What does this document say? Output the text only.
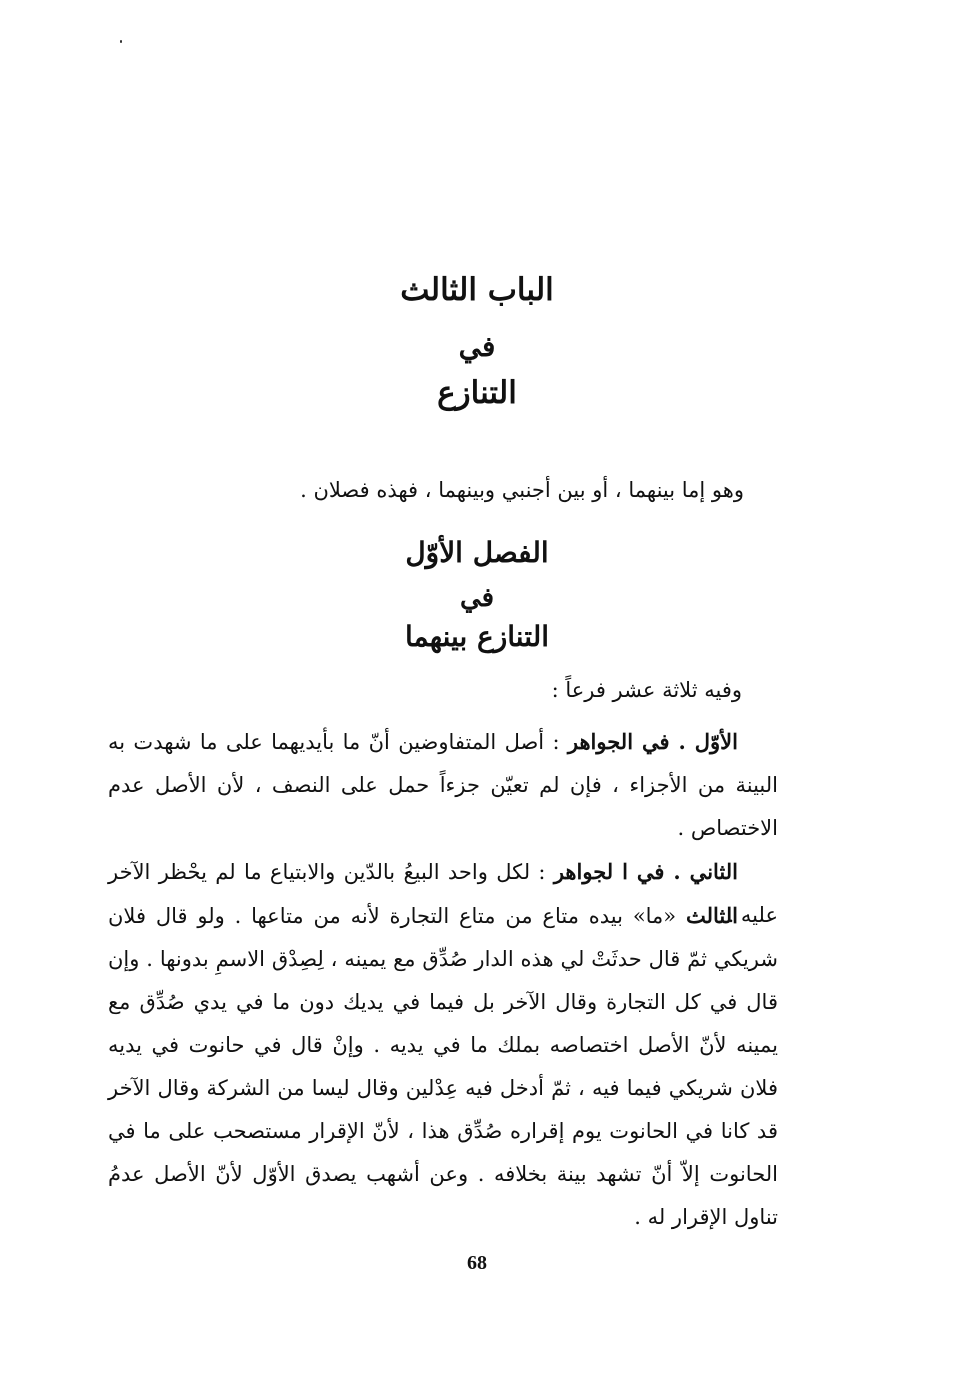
الباب الثالث
في
التنازع
وهو إما بينهما ، أو بين أجنبي وبينهما ، فهذه فصلان .
الفصل الأوّل
في
التنازع بينهما
وفيه ثلاثة عشر فرعاً :
الأوّل . في الجواهر : أصل المتفاوضين أنّ ما بأيديهما على ما شهدت به البينة من الأجزاء ، فإن لم تعيّن جزءاً حمل على النصف ، لأن الأصل عدم الاختصاص .
الثاني . في ا لجواهر : لكل واحد البيعُ بالدّين والابتياع ما لم يحْظر الآخر عليه .
الثالث «ما» بيده متاع من متاع التجارة لأنه من متاعها . ولو قال فلان شريكي ثمّ قال حدثَتْ لي هذه الدار صُدِّق مع يمينه ، لِصِدْق الاسمِ بدونها . وإن قال في كل التجارة وقال الآخر بل فيما في يديك دون ما في يدي صُدِّق مع يمينه لأنّ الأصل اختصاصه بملك ما في يديه . وإنْ قال في حانوت في يديه فلان شريكي فيما فيه ، ثمّ أدخل فيه عِدْلين وقال ليسا من الشركة وقال الآخر قد كانا في الحانوت يوم إقراره صُدِّق هذا ، لأنّ الإقرار مستصحب على ما في الحانوت إلاّ أنّ تشهد بينة بخلافه . وعن أشهب يصدق الأوّل لأنّ الأصل عدمُ تناول الإقرار له .
68
